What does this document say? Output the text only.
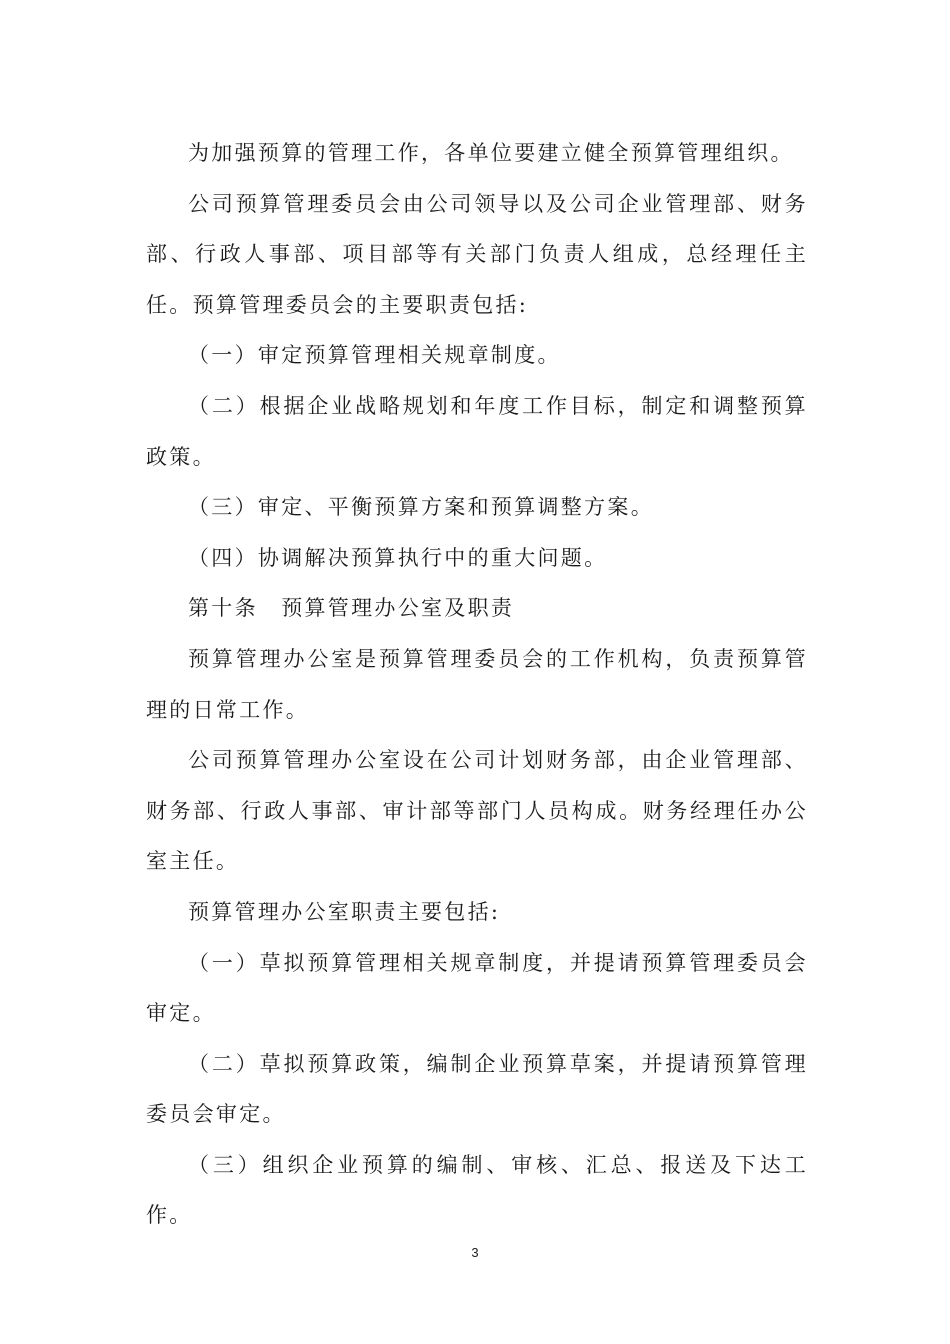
为加强预算的管理工作，各单位要建立健全预算管理组织。

公司预算管理委员会由公司领导以及公司企业管理部、财务部、行政人事部、项目部等有关部门负责人组成，总经理任主任。预算管理委员会的主要职责包括:

（一）审定预算管理相关规章制度。

（二）根据企业战略规划和年度工作目标，制定和调整预算政策。

（三）审定、平衡预算方案和预算调整方案。

（四）协调解决预算执行中的重大问题。

第十条　预算管理办公室及职责

预算管理办公室是预算管理委员会的工作机构，负责预算管理的日常工作。

公司预算管理办公室设在公司计划财务部，由企业管理部、财务部、行政人事部、审计部等部门人员构成。财务经理任办公室主任。

预算管理办公室职责主要包括:

（一）草拟预算管理相关规章制度，并提请预算管理委员会审定。

（二）草拟预算政策，编制企业预算草案，并提请预算管理委员会审定。

（三）组织企业预算的编制、审核、汇总、报送及下达工作。

3
